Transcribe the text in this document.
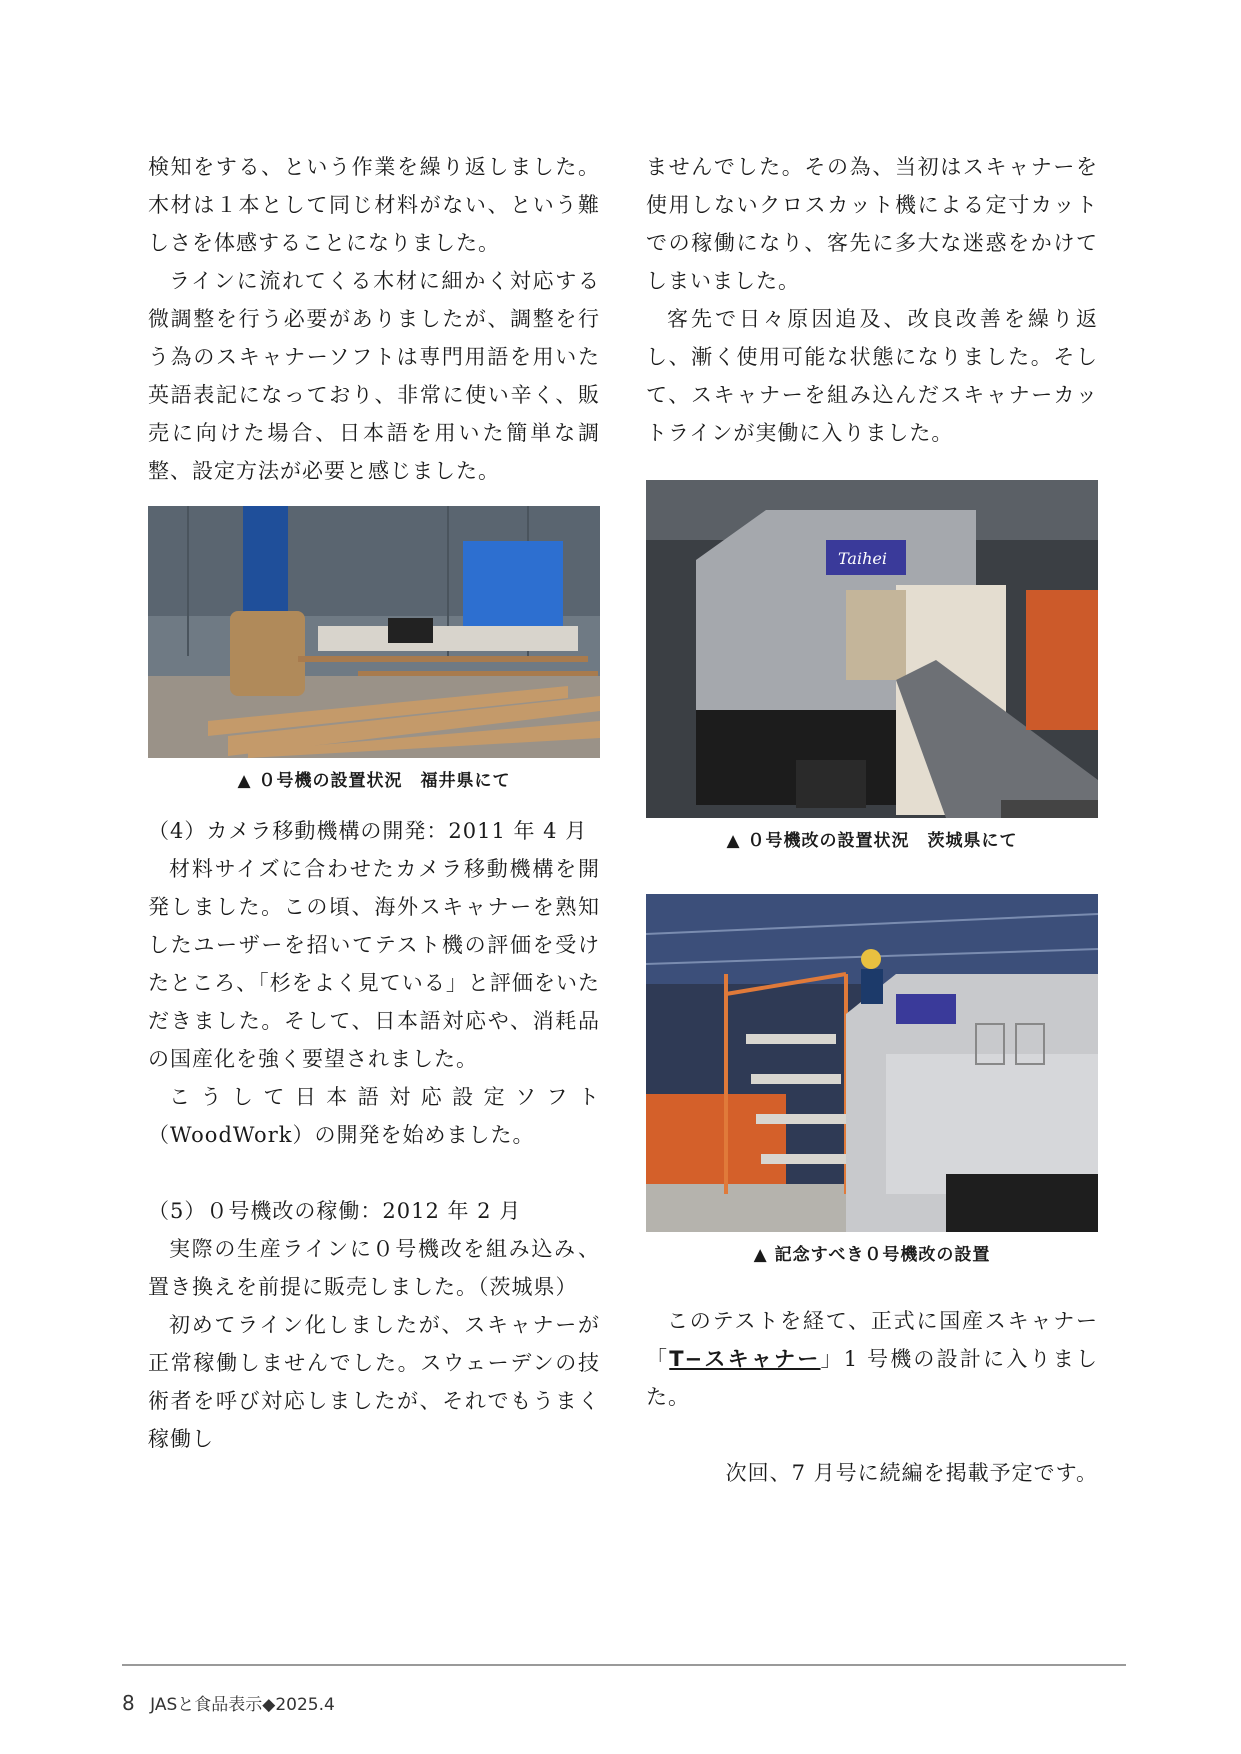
検知をする、という作業を繰り返しました。木材は１本として同じ材料がない、という難しさを体感することになりました。

ラインに流れてくる木材に細かく対応する微調整を行う必要がありましたが、調整を行う為のスキャナーソフトは専門用語を用いた英語表記になっており、非常に使い辛く、販売に向けた場合、日本語を用いた簡単な調整、設定方法が必要と感じました。

▲ ０号機の設置状況　福井県にて

（4）カメラ移動機構の開発：2011 年 4 月

材料サイズに合わせたカメラ移動機構を開発しました。この頃、海外スキャナーを熟知したユーザーを招いてテスト機の評価を受けたところ、「杉をよく見ている」と評価をいただきました。そして、日本語対応や、消耗品の国産化を強く要望されました。

こうして日本語対応設定ソフト（WoodWork）の開発を始めました。

（5）０号機改の稼働：2012 年 2 月

実際の生産ラインに０号機改を組み込み、置き換えを前提に販売しました。（茨城県）

初めてライン化しましたが、スキャナーが正常稼働しませんでした。スウェーデンの技術者を呼び対応しましたが、それでもうまく稼働し

ませんでした。その為、当初はスキャナーを使用しないクロスカット機による定寸カットでの稼働になり、客先に多大な迷惑をかけてしまいました。

客先で日々原因追及、改良改善を繰り返し、漸く使用可能な状態になりました。そして、スキャナーを組み込んだスキャナーカットラインが実働に入りました。

Taihei
▲ ０号機改の設置状況　茨城県にて
▲ 記念すべき０号機改の設置

このテストを経て、正式に国産スキャナー「T−スキャナー」1 号機の設計に入りました。

次回、7 月号に続編を掲載予定です。

8 JASと食品表示◆2025.4
